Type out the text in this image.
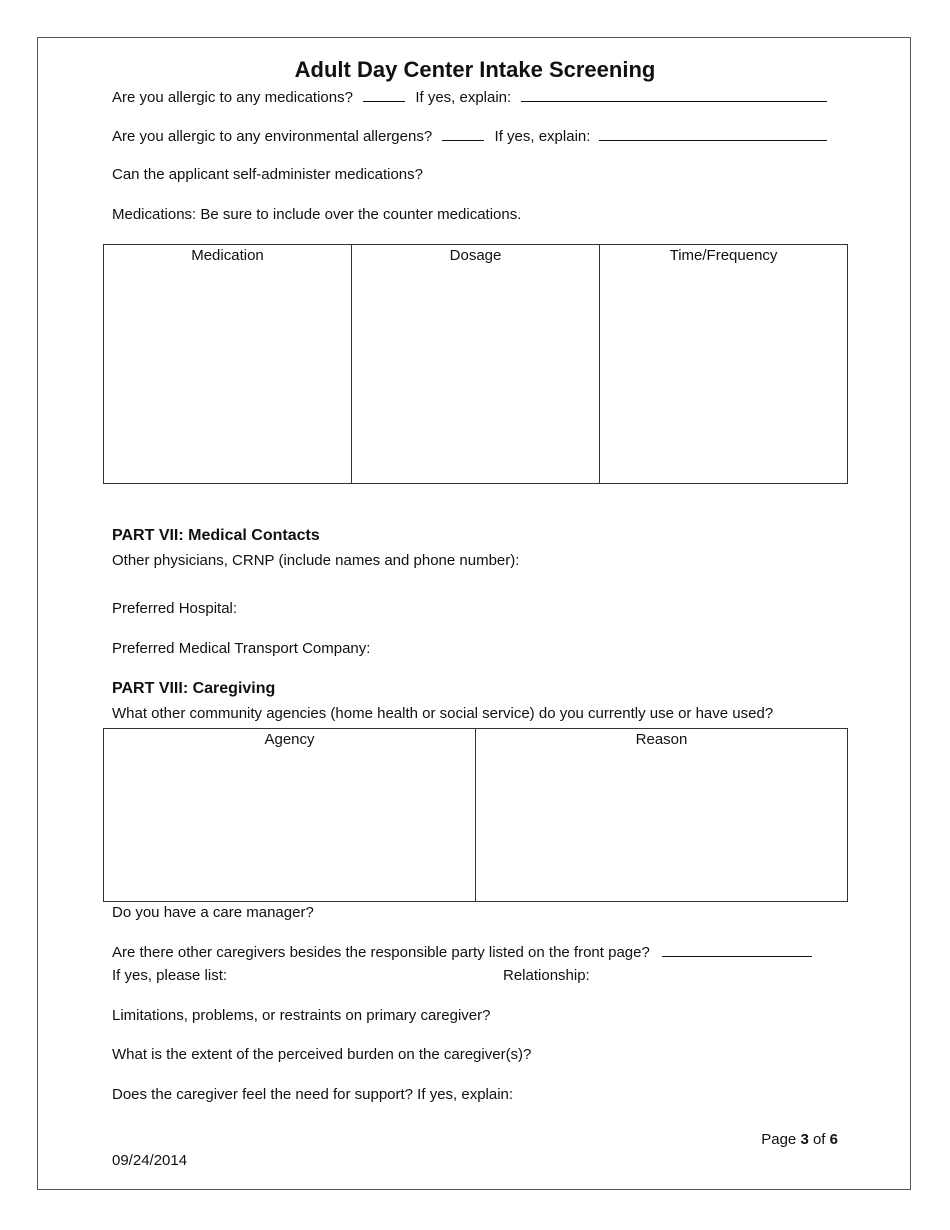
Adult Day Center Intake Screening
Are you allergic to any medications?	If yes, explain:
Are you allergic to any environmental allergens?	If yes, explain:
Can the applicant self-administer medications?
Medications: Be sure to include over the counter medications.
Medication	Dosage	Time/Frequency

PART VII: Medical Contacts
Other physicians, CRNP (include names and phone number):
Preferred Hospital:
Preferred Medical Transport Company:
PART VIII: Caregiving
What other community agencies (home health or social service) do you currently use or have used?
Agency	Reason

Do you have a care manager?
Are there other caregivers besides the responsible party listed on the front page?
If yes, please list:	Relationship:
Limitations, problems, or restraints on primary caregiver?
What is the extent of the perceived burden on the caregiver(s)?
Does the caregiver feel the need for support? If yes, explain:
Page 3 of 6
09/24/2014
